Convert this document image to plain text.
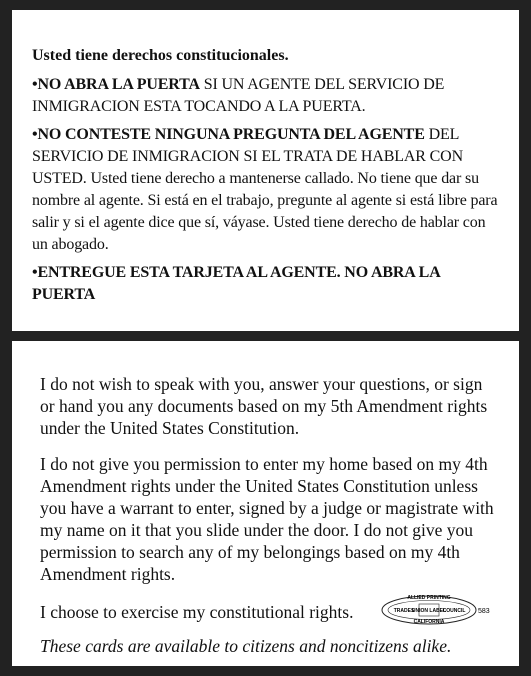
Usted tiene derechos constitucionales.

•NO ABRA LA PUERTA SI UN AGENTE DEL SERVICIO DE INMIGRACION ESTA TOCANDO A LA PUERTA.

•NO CONTESTE NINGUNA PREGUNTA DEL AGENTE DEL SERVICIO DE INMIGRACION SI EL TRATA DE HABLAR CON USTED. Usted tiene derecho a mantenerse callado. No tiene que dar su nombre al agente. Si está en el trabajo, pregunte al agente si está libre para salir y si el agente dice que sí, váyase. Usted tiene derecho de hablar con un abogado.

•ENTREGUE ESTA TARJETA AL AGENTE. NO ABRA LA PUERTA

I do not wish to speak with you, answer your questions, or sign or hand you any documents based on my 5th Amendment rights under the United States Constitution.

I do not give you permission to enter my home based on my 4th Amendment rights under the United States Constitution unless you have a warrant to enter, signed by a judge or magistrate with my name on it that you slide under the door. I do not give you permission to search any of my belongings based on my 4th Amendment rights.

I choose to exercise my constitutional rights.

ALLIED PRINTING
TRADES
UNION LABEL
COUNCIL
CALIFORNIA
583

These cards are available to citizens and noncitizens alike.
